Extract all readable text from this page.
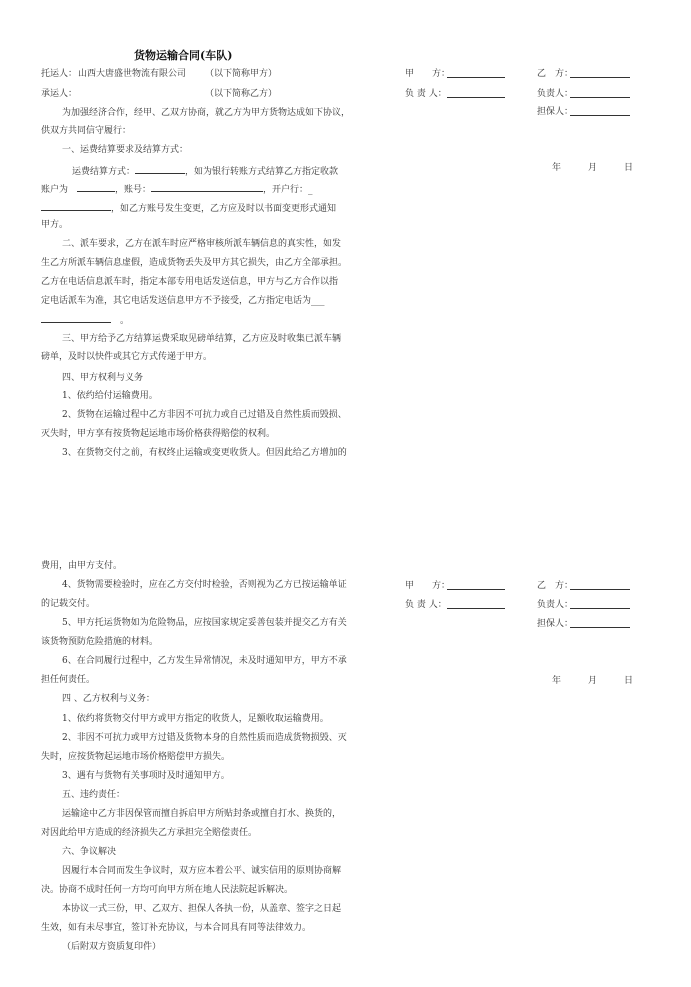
货物运输合同(车队)
托运人： 山西大唐盛世物流有限公司 （以下简称甲方）
承运人：	（以下简称乙方）
为加强经济合作，经甲、乙双方协商，就乙方为甲方货物达成如下协议，
供双方共同信守履行：
一、运费结算要求及结算方式：
运费结算方式：	，如为银行转账方式结算乙方指定收款
账户为　	，账号：	，开户行：_
，如乙方账号发生变更，乙方应及时以书面变更形式通知
甲方。
二、派车要求，乙方在派车时应严格审核所派车辆信息的真实性，如发
生乙方所派车辆信息虚假，造成货物丢失及甲方其它损失，由乙方全部承担。
乙方在电话信息派车时，指定本部专用电话发送信息，甲方与乙方合作以指
定电话派车为准，其它电话发送信息甲方不予接受，乙方指定电话为___
　。
三、甲方给予乙方结算运费采取见磅单结算，乙方应及时收集已派车辆
磅单，及时以快件或其它方式传递于甲方。
四、甲方权利与义务
1、依约给付运输费用。
2、货物在运输过程中乙方非因不可抗力或自己过错及自然性质而毁损、
灭失时，甲方享有按货物起运地市场价格获得赔偿的权利。
3、在货物交付之前，有权终止运输或变更收货人。但因此给乙方增加的
甲　　方：	乙　方：
负 责 人：	负责人：
担保人：
年　　　月　　　日
费用，由甲方支付。
4、货物需要检验时，应在乙方交付时检验，否则视为乙方已按运输单证
的记载交付。
5、甲方托运货物如为危险物品，应按国家规定妥善包装并提交乙方有关
该货物预防危险措施的材料。
6、在合同履行过程中，乙方发生异常情况，未及时通知甲方，甲方不承
担任何责任。
四 、乙方权利与义务：
1、依约将货物交付甲方或甲方指定的收货人，足额收取运输费用。
2、非因不可抗力或甲方过错及货物本身的自然性质而造成货物损毁、灭
失时，应按货物起运地市场价格赔偿甲方损失。
3、遇有与货物有关事项时及时通知甲方。
五、违约责任：
运输途中乙方非因保管而擅自拆启甲方所贴封条或擅自打水、换货的，
对因此给甲方造成的经济损失乙方承担完全赔偿责任。
六、争议解决
因履行本合同而发生争议时，双方应本着公平、诚实信用的原则协商解
决。协商不成时任何一方均可向甲方所在地人民法院起诉解决。
本协议一式三份，甲、乙双方、担保人各执一份，从盖章、签字之日起
生效，如有未尽事宜，签订补充协议，与本合同具有同等法律效力。
（后附双方资质复印件）
甲　　方：	乙　方：
负 责 人：	负责人：
担保人：
年　　　月　　　日
